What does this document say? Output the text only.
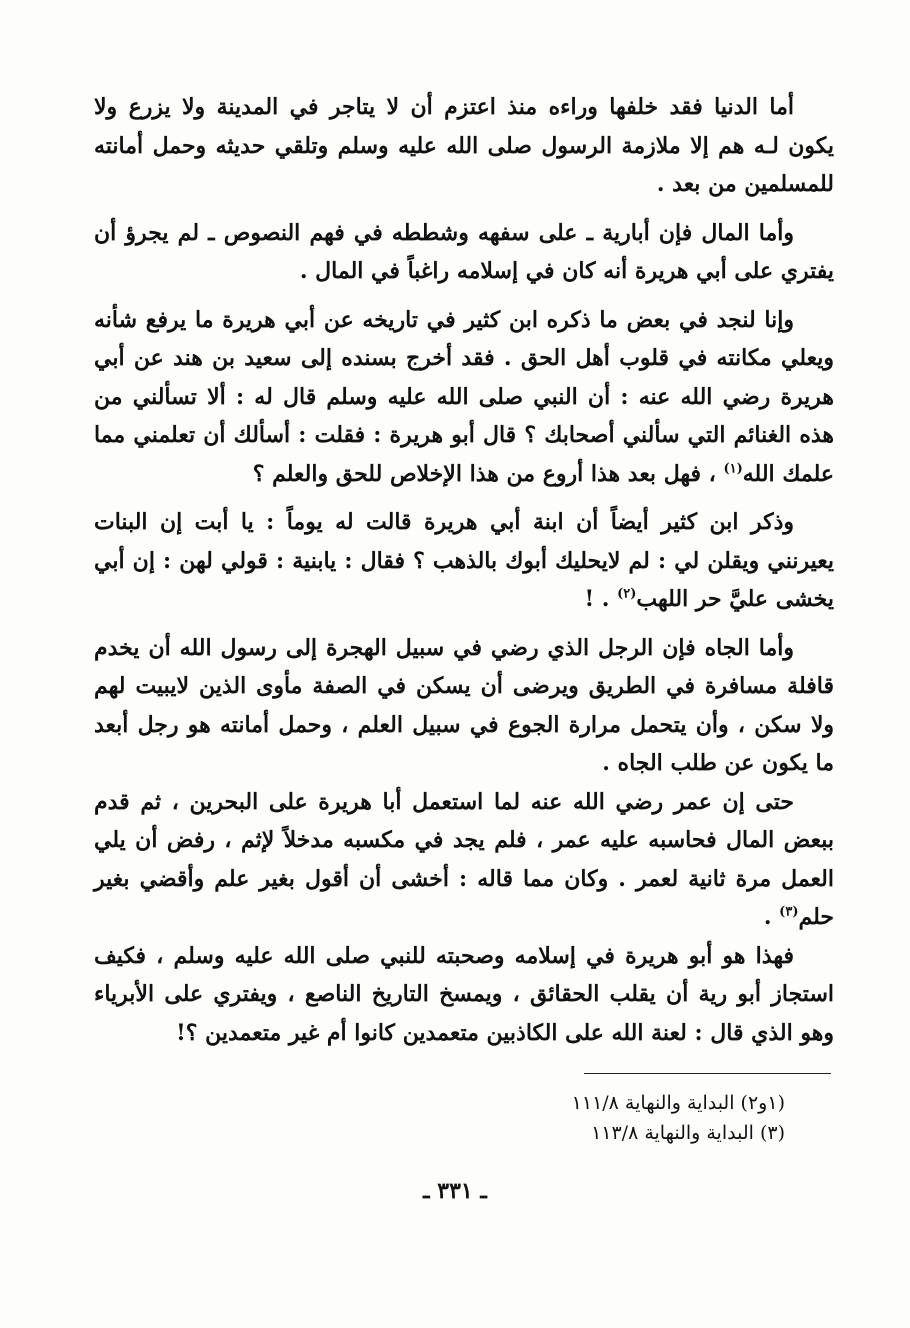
أما الدنيا فقد خلفها وراءه منذ اعتزم أن لا يتاجر في المدينة ولا يزرع ولا يكون لـه هم إلا ملازمة الرسول صلى الله عليه وسلم وتلقي حديثه وحمل أمانته للمسلمين من بعد .

وأما المال فإن أبارية ـ على سفهه وشططه في فهم النصوص ـ لم يجرؤ أن يفتري على أبي هريرة أنه كان في إسلامه راغباً في المال .

وإنا لنجد في بعض ما ذكره ابن كثير في تاريخه عن أبي هريرة ما يرفع شأنه ويعلي مكانته في قلوب أهل الحق . فقد أخرج بسنده إلى سعيد بن هند عن أبي هريرة رضي الله عنه : أن النبي صلى الله عليه وسلم قال له : ألا تسألني من هذه الغنائم التي سألني أصحابك ؟ قال أبو هريرة : فقلت : أسألك أن تعلمني مما علمك الله$^{(١)}$ ، فهل بعد هذا أروع من هذا الإخلاص للحق والعلم ؟

وذكر ابن كثير أيضاً أن ابنة أبي هريرة قالت له يوماً : يا أبت إن البنات يعيرنني ويقلن لي : لم لايحليك أبوك بالذهب ؟ فقال : يابنية : قولي لهن : إن أبي يخشى عليَّ حر اللهب$^{(٢)}$ . !

وأما الجاه فإن الرجل الذي رضي في سبيل الهجرة إلى رسول الله أن يخدم قافلة مسافرة في الطريق ويرضى أن يسكن في الصفة مأوى الذين لايبيت لهم ولا سكن ، وأن يتحمل مرارة الجوع في سبيل العلم ، وحمل أمانته هو رجل أبعد ما يكون عن طلب الجاه .

حتى إن عمر رضي الله عنه لما استعمل أبا هريرة على البحرين ، ثم قدم ببعض المال فحاسبه عليه عمر ، فلم يجد في مكسبه مدخلاً لإثم ، رفض أن يلي العمل مرة ثانية لعمر . وكان مما قاله : أخشى أن أقول بغير علم وأقضي بغير حلم$^{(٣)}$ .

فهذا هو أبو هريرة في إسلامه وصحبته للنبي صلى الله عليه وسلم ، فكيف استجاز أبو رية أن يقلب الحقائق ، ويمسخ التاريخ الناصع ، ويفتري على الأبرياء وهو الذي قال : لعنة الله على الكاذبين متعمدين كانوا أم غير متعمدين ؟!

(١و٢) البداية والنهاية ١١١/٨

(٣) البداية والنهاية ١١٣/٨

ـ ٣٣١ ـ
